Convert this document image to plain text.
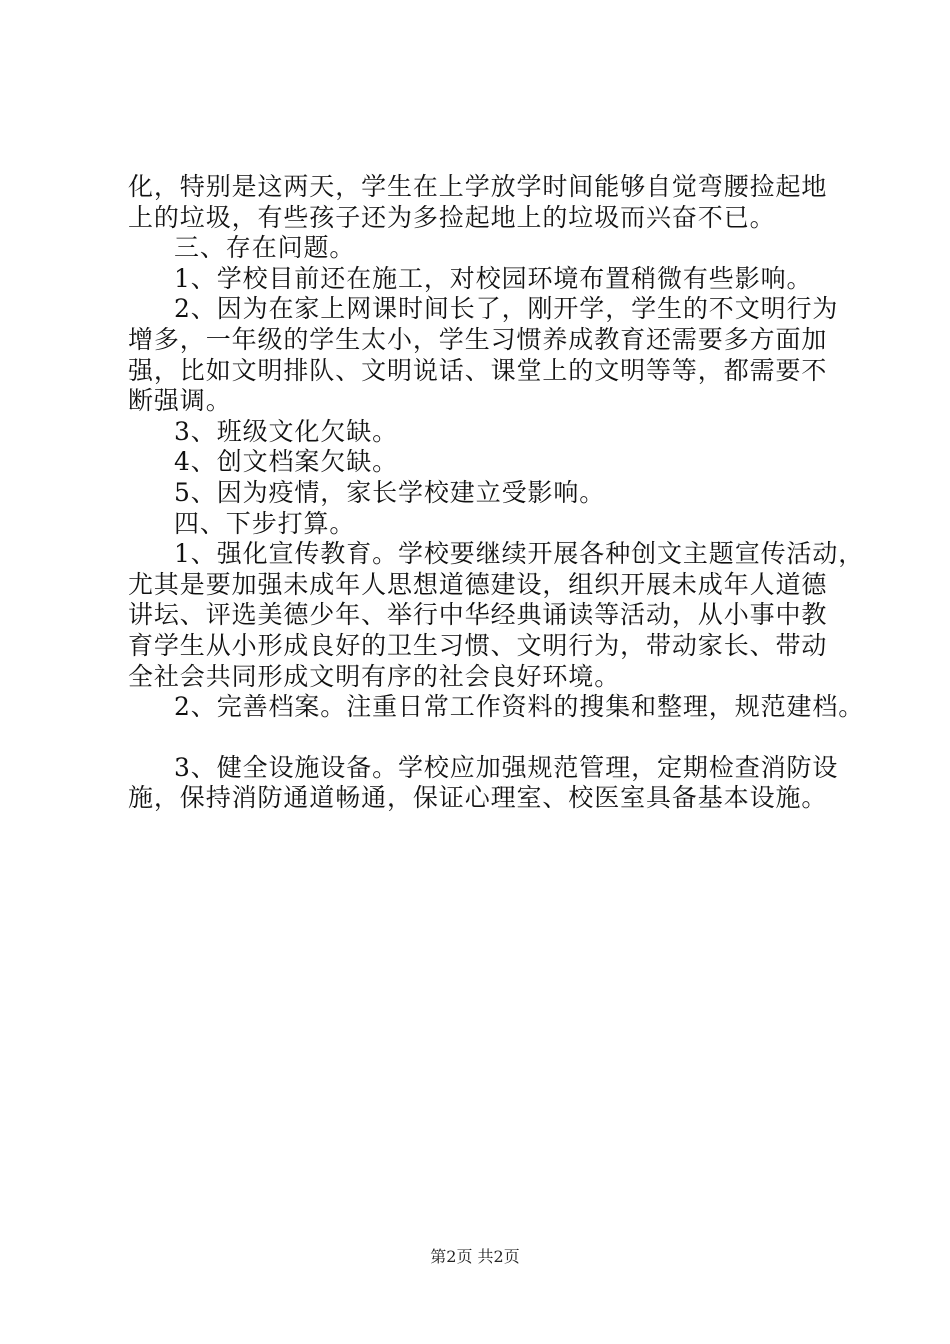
化，特别是这两天，学生在上学放学时间能够自觉弯腰捡起地
上的垃圾，有些孩子还为多捡起地上的垃圾而兴奋不已。
三、存在问题。
1、学校目前还在施工，对校园环境布置稍微有些影响。
2、因为在家上网课时间长了，刚开学，学生的不文明行为
增多，一年级的学生太小，学生习惯养成教育还需要多方面加
强，比如文明排队、文明说话、课堂上的文明等等，都需要不
断强调。
3、班级文化欠缺。
4、创文档案欠缺。
5、因为疫情，家长学校建立受影响。
四、下步打算。
1、强化宣传教育。学校要继续开展各种创文主题宣传活动，
尤其是要加强未成年人思想道德建设，组织开展未成年人道德
讲坛、评选美德少年、举行中华经典诵读等活动，从小事中教
育学生从小形成良好的卫生习惯、文明行为，带动家长、带动
全社会共同形成文明有序的社会良好环境。
2、完善档案。注重日常工作资料的搜集和整理，规范建档。
3、健全设施设备。学校应加强规范管理，定期检查消防设
施，保持消防通道畅通，保证心理室、校医室具备基本设施。
第2页 共2页
